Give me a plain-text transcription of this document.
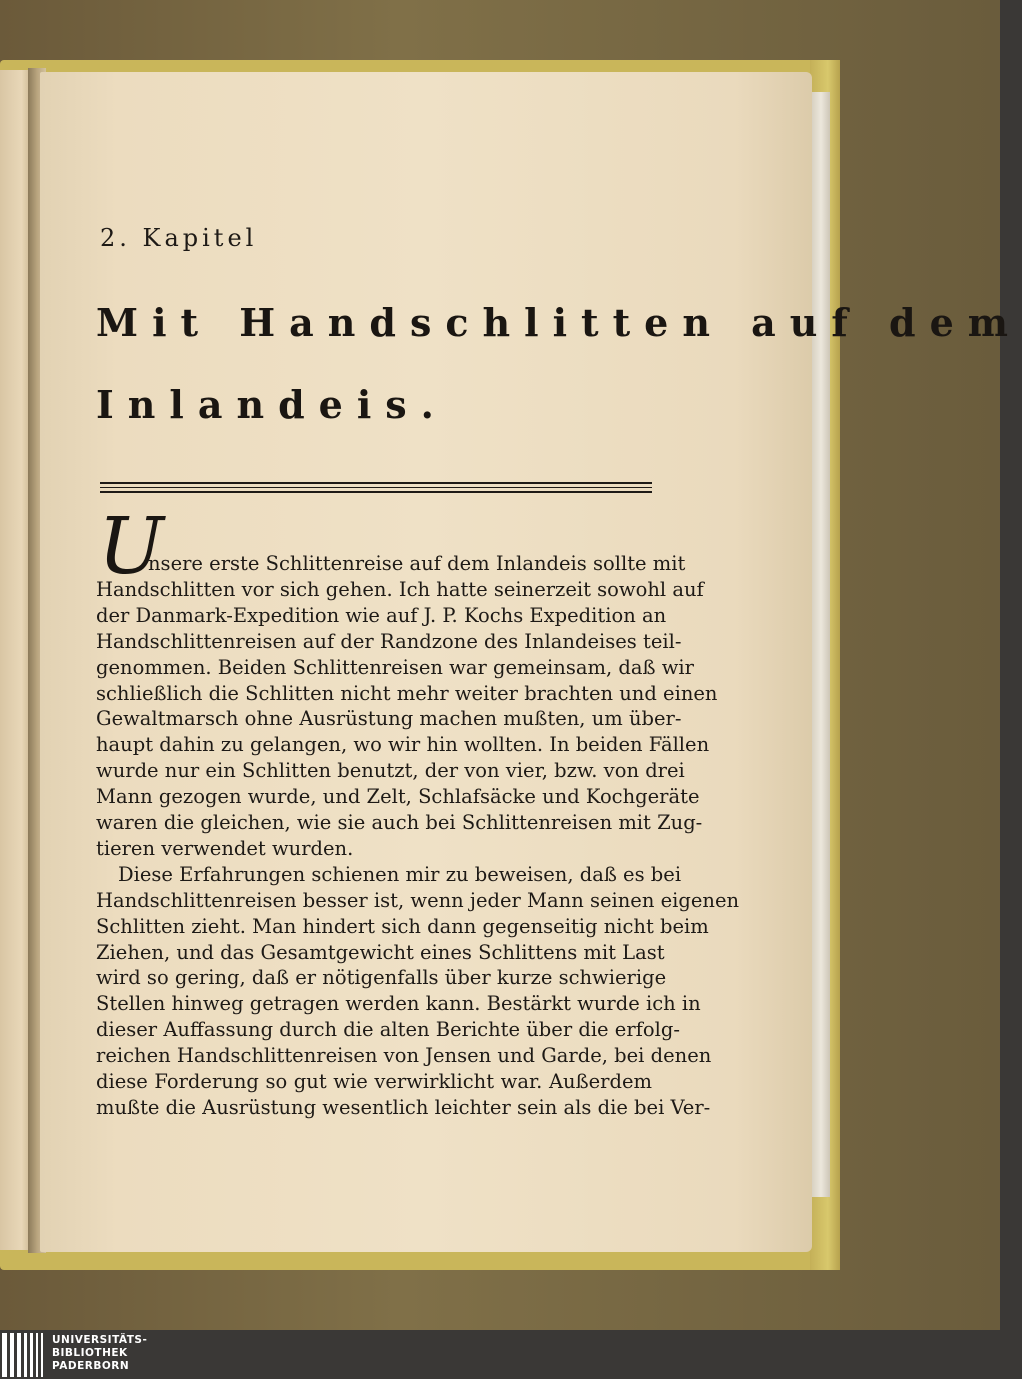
2. Kapitel
Mit Handschlitten auf dem
Inlandeis.
U
nsere erste Schlittenreise auf dem Inlandeis sollte mit
Handschlitten vor sich gehen. Ich hatte seinerzeit sowohl auf
der Danmark-Expedition wie auf J. P. Kochs Expedition an
Handschlittenreisen auf der Randzone des Inlandeises teil-
genommen. Beiden Schlittenreisen war gemeinsam, daß wir
schließlich die Schlitten nicht mehr weiter brachten und einen
Gewaltmarsch ohne Ausrüstung machen mußten, um über-
haupt dahin zu gelangen, wo wir hin wollten. In beiden Fällen
wurde nur ein Schlitten benutzt, der von vier, bzw. von drei
Mann gezogen wurde, und Zelt, Schlafsäcke und Kochgeräte
waren die gleichen, wie sie auch bei Schlittenreisen mit Zug-
tieren verwendet wurden.
Diese Erfahrungen schienen mir zu beweisen, daß es bei
Handschlittenreisen besser ist, wenn jeder Mann seinen eigenen
Schlitten zieht. Man hindert sich dann gegenseitig nicht beim
Ziehen, und das Gesamtgewicht eines Schlittens mit Last
wird so gering, daß er nötigenfalls über kurze schwierige
Stellen hinweg getragen werden kann. Bestärkt wurde ich in
dieser Auffassung durch die alten Berichte über die erfolg-
reichen Handschlittenreisen von Jensen und Garde, bei denen
diese Forderung so gut wie verwirklicht war. Außerdem
mußte die Ausrüstung wesentlich leichter sein als die bei Ver-
UNIVERSITÄTS-
BIBLIOTHEK
PADERBORN
